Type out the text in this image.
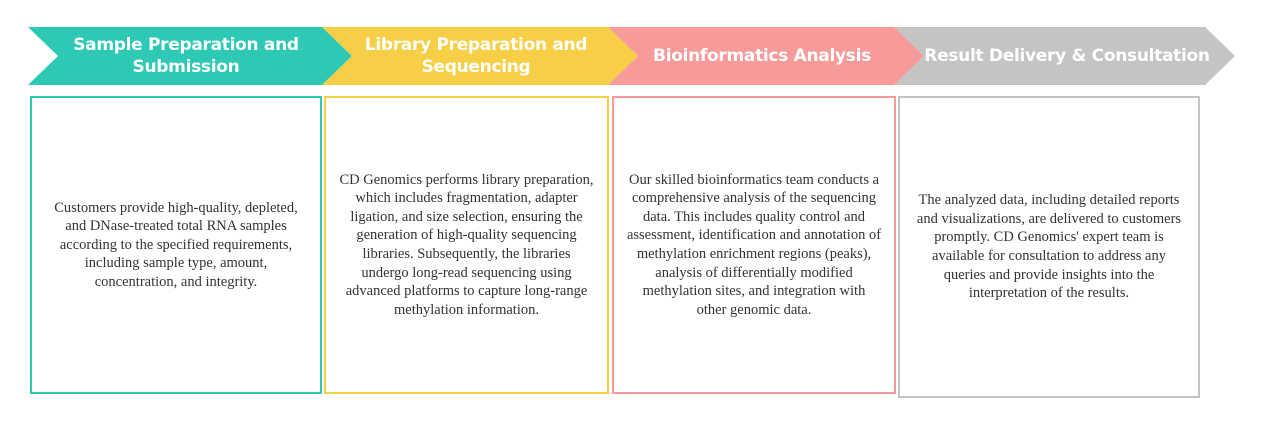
Sample Preparation and Submission
Library Preparation and Sequencing
Bioinformatics Analysis	Result Delivery & Consultation
Customers provide high-quality, depleted, and DNase-treated total RNA samples according to the specified requirements, including sample type, amount, concentration, and integrity.
CD Genomics performs library preparation, which includes fragmentation, adapter ligation, and size selection, ensuring the generation of high-quality sequencing libraries. Subsequently, the libraries undergo long-read sequencing using advanced platforms to capture long-range methylation information.
Our skilled bioinformatics team conducts a comprehensive analysis of the sequencing data. This includes quality control and assessment, identification and annotation of methylation enrichment regions (peaks), analysis of differentially modified methylation sites, and integration with other genomic data.
The analyzed data, including detailed reports and visualizations, are delivered to customers promptly. CD Genomics' expert team is available for consultation to address any queries and provide insights into the interpretation of the results.
